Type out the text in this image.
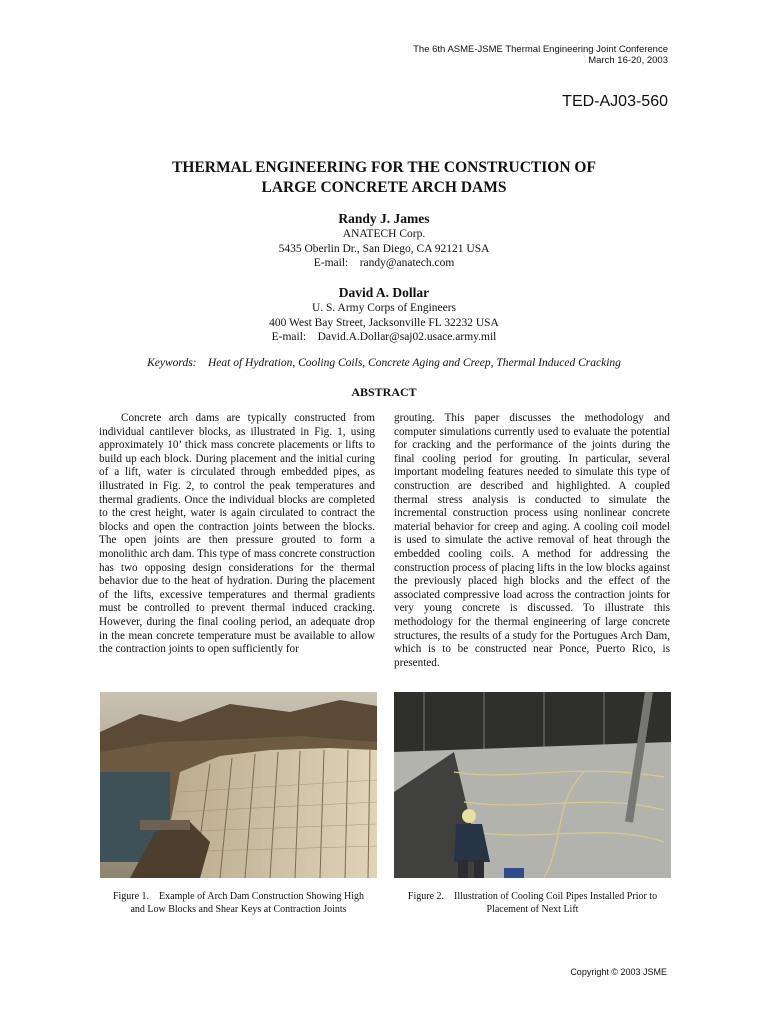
The 6th ASME-JSME Thermal Engineering Joint Conference
March 16-20, 2003
TED-AJ03-560
THERMAL ENGINEERING FOR THE CONSTRUCTION OF
LARGE CONCRETE ARCH DAMS
Randy J. James
ANATECH Corp.
5435 Oberlin Dr., San Diego, CA 92121 USA
E-mail:    randy@anatech.com
David A. Dollar
U. S. Army Corps of Engineers
400 West Bay Street, Jacksonville FL 32232 USA
E-mail:    David.A.Dollar@saj02.usace.army.mil
Keywords:    Heat of Hydration, Cooling Coils, Concrete Aging and Creep, Thermal Induced Cracking
ABSTRACT
Concrete arch dams are typically constructed from individual cantilever blocks, as illustrated in Fig. 1, using approximately 10’ thick mass concrete placements or lifts to build up each block. During placement and the initial curing of a lift, water is circulated through embedded pipes, as illustrated in Fig. 2, to control the peak temperatures and thermal gradients. Once the individual blocks are completed to the crest height, water is again circulated to contract the blocks and open the contraction joints between the blocks. The open joints are then pressure grouted to form a monolithic arch dam. This type of mass concrete construction has two opposing design considerations for the thermal behavior due to the heat of hydration. During the placement of the lifts, excessive temperatures and thermal gradients must be controlled to prevent thermal induced cracking. However, during the final cooling period, an adequate drop in the mean concrete temperature must be available to allow the contraction joints to open sufficiently for
grouting. This paper discusses the methodology and computer simulations currently used to evaluate the potential for cracking and the performance of the joints during the final cooling period for grouting. In particular, several important modeling features needed to simulate this type of construction are described and highlighted. A coupled thermal stress analysis is conducted to simulate the incremental construction process using nonlinear concrete material behavior for creep and aging. A cooling coil model is used to simulate the active removal of heat through the embedded cooling coils. A method for addressing the construction process of placing lifts in the low blocks against the previously placed high blocks and the effect of the associated compressive load across the contraction joints for very young concrete is discussed. To illustrate this methodology for the thermal engineering of large concrete structures, the results of a study for the Portugues Arch Dam, which is to be constructed near Ponce, Puerto Rico, is presented.
Figure 1.    Example of Arch Dam Construction Showing High
and Low Blocks and Shear Keys at Contraction Joints
Figure 2.    Illustration of Cooling Coil Pipes Installed Prior to
Placement of Next Lift
Copyright © 2003 JSME
